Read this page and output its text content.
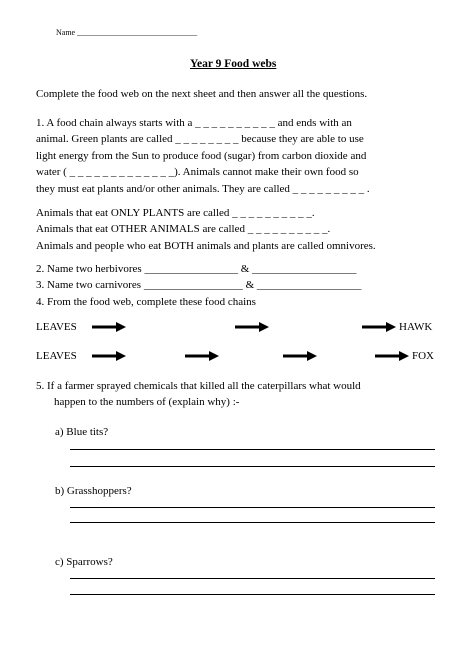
Name ______________________________
Year 9 Food webs
Complete the food web on the next sheet and then answer all the questions.
1. A food chain always starts with a _ _ _ _ _ _ _ _ _ _ and ends with an
animal. Green plants are called _ _ _ _ _ _ _ _ because they are able to use
light energy from the Sun to produce food (sugar) from carbon dioxide and
water ( _ _ _ _ _ _ _ _ _ _ _ _ _). Animals cannot make their own food so
they must eat plants and/or other animals. They are called _ _ _ _ _ _ _ _ _ .
Animals that eat ONLY PLANTS are called _ _ _ _ _ _ _ _ _ _.
Animals that eat OTHER ANIMALS are called _ _ _ _ _ _ _ _ _ _.
Animals and people who eat BOTH animals and plants are called omnivores.
2. Name two herbivores _________________ & ___________________
3. Name two carnivores __________________ & ___________________
4. From the food web, complete these food chains
LEAVES	HAWK
LEAVES	FOX
5. If a farmer sprayed chemicals that killed all the caterpillars what would
happen to the numbers of (explain why) :-
a) Blue tits?
b) Grasshoppers?
c) Sparrows?
